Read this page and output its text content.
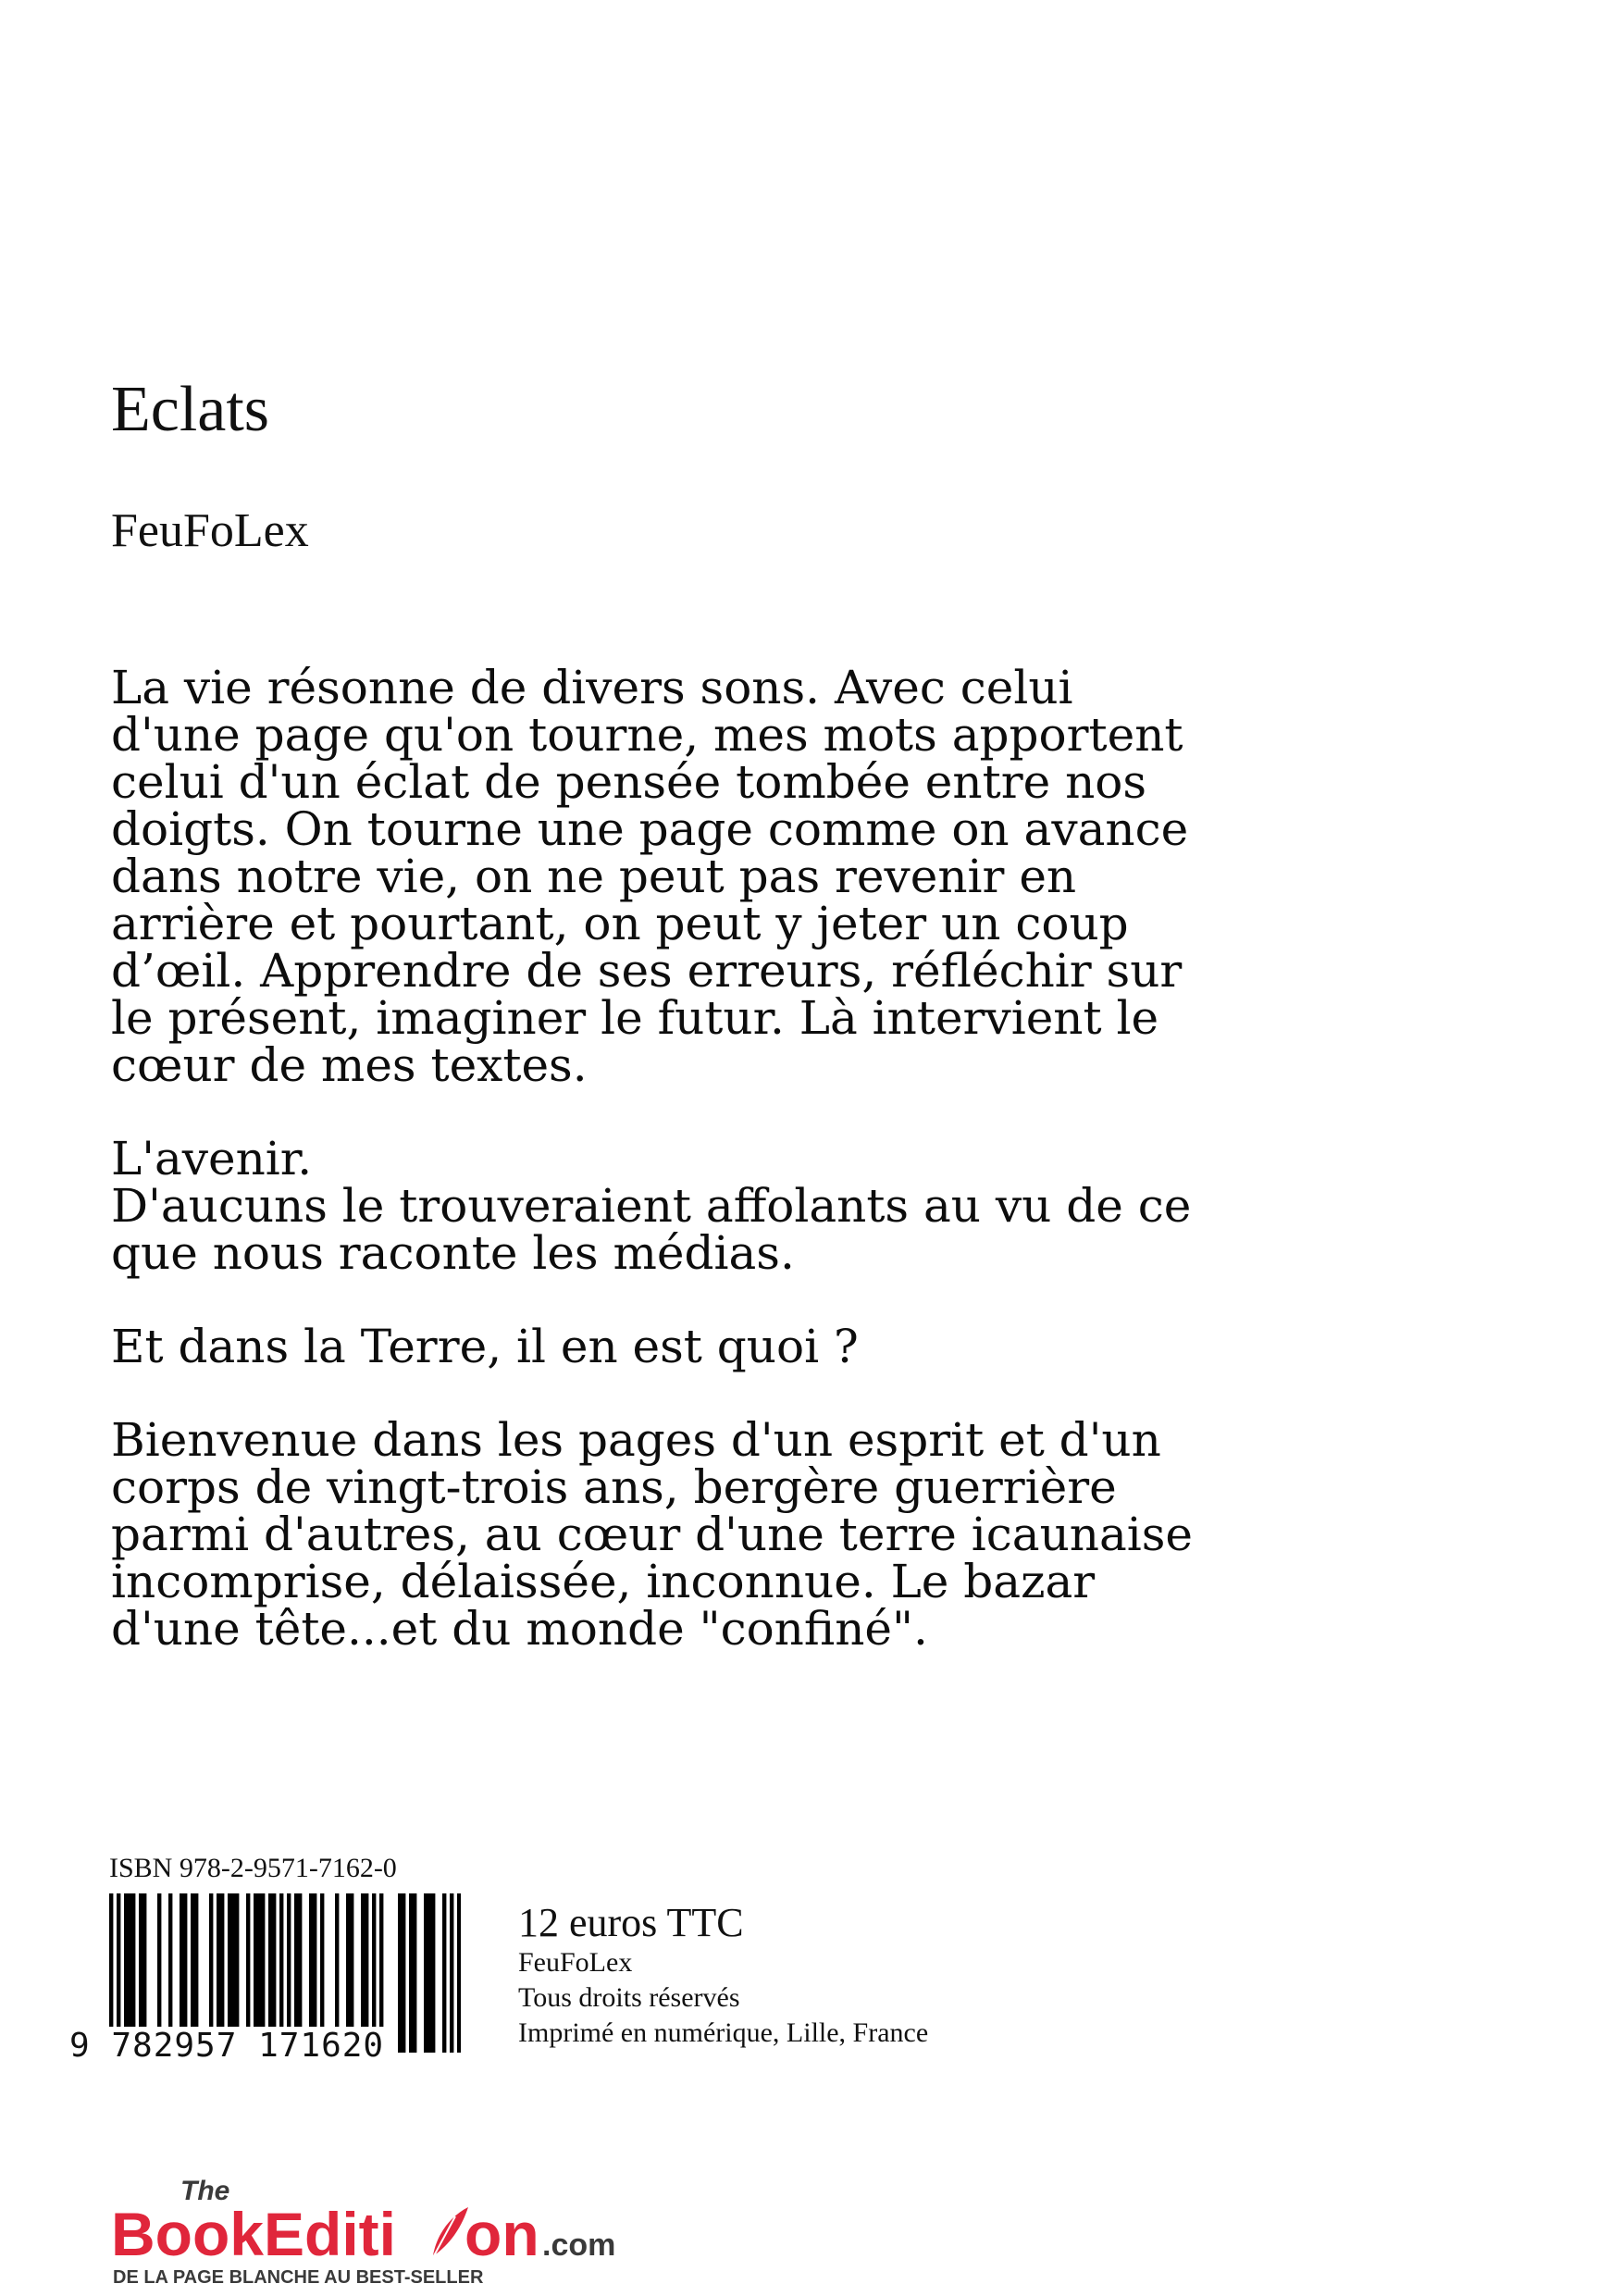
Eclats
FeuFoLex
La vie résonne de divers sons. Avec celui
d'une page qu'on tourne, mes mots apportent
celui d'un éclat de pensée tombée entre nos
doigts. On tourne une page comme on avance
dans notre vie, on ne peut pas revenir en
arrière et pourtant, on peut y jeter un coup
d’œil. Apprendre de ses erreurs, réfléchir sur
le présent, imaginer le futur. Là intervient le
cœur de mes textes.
L'avenir.
D'aucuns le trouveraient affolants au vu de ce
que nous raconte les médias.
Et dans la Terre, il en est quoi ?
Bienvenue dans les pages d'un esprit et d'un
corps de vingt-trois ans, bergère guerrière
parmi d'autres, au cœur d'une terre icaunaise
incomprise, délaissée, inconnue. Le bazar
d'une tête...et du monde "confiné".
ISBN 978-2-9571-7162-0
9 782957 171620
12 euros TTC
FeuFoLex
Tous droits réservés
Imprimé en numérique, Lille, France
The
BookEditi on .com
DE LA PAGE BLANCHE AU BEST-SELLER
